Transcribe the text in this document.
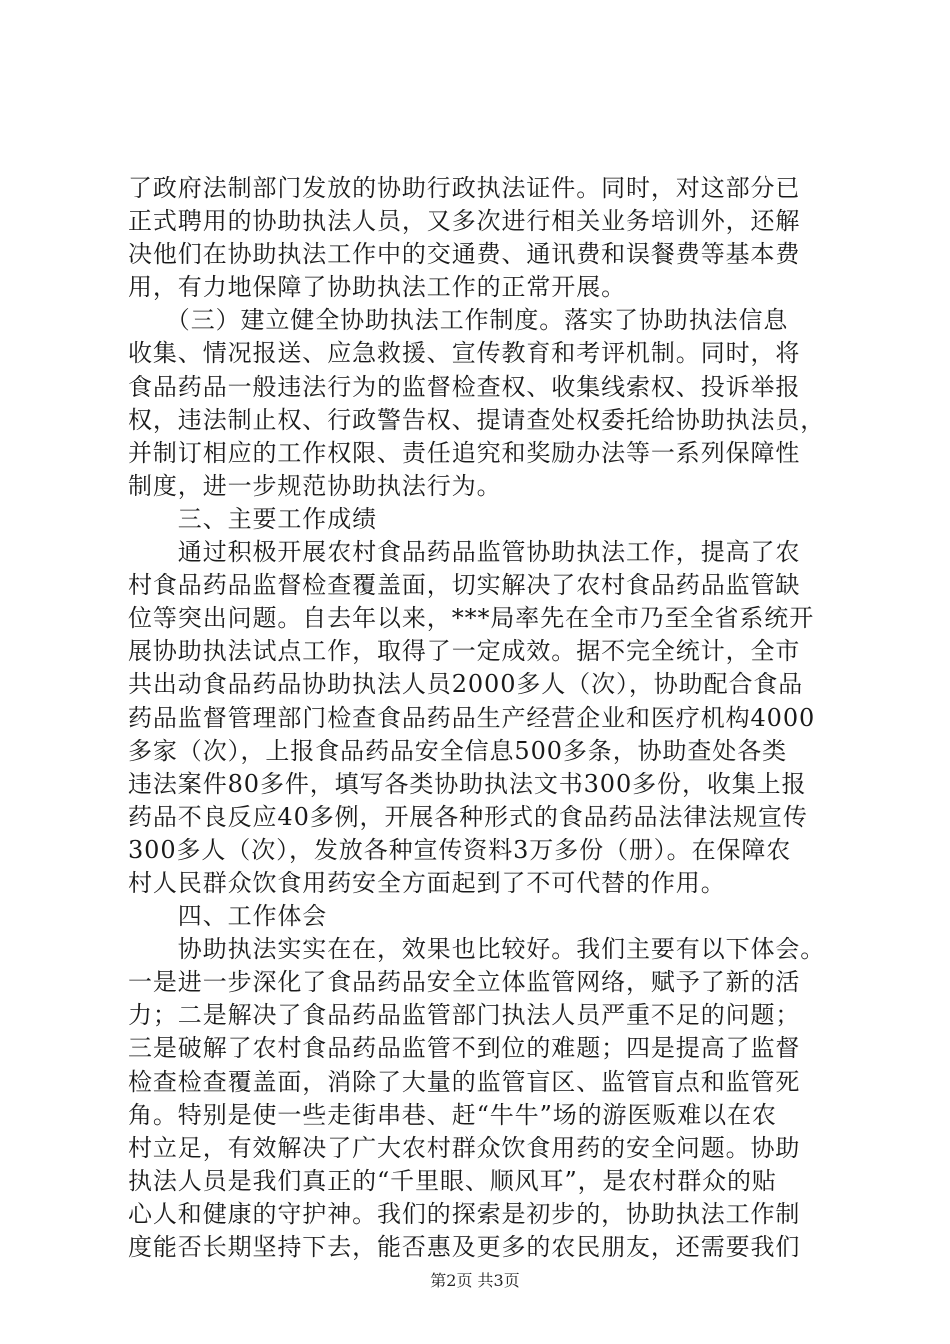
了政府法制部门发放的协助行政执法证件。同时，对这部分已
正式聘用的协助执法人员，又多次进行相关业务培训外，还解
决他们在协助执法工作中的交通费、通讯费和误餐费等基本费
用，有力地保障了协助执法工作的正常开展。
　　（三）建立健全协助执法工作制度。落实了协助执法信息
收集、情况报送、应急救援、宣传教育和考评机制。同时，将
食品药品一般违法行为的监督检查权、收集线索权、投诉举报
权，违法制止权、行政警告权、提请查处权委托给协助执法员，
并制订相应的工作权限、责任追究和奖励办法等一系列保障性
制度，进一步规范协助执法行为。
　　三、主要工作成绩
　　通过积极开展农村食品药品监管协助执法工作，提高了农
村食品药品监督检查覆盖面，切实解决了农村食品药品监管缺
位等突出问题。自去年以来，***局率先在全市乃至全省系统开
展协助执法试点工作，取得了一定成效。据不完全统计，全市
共出动食品药品协助执法人员2000多人（次），协助配合食品
药品监督管理部门检查食品药品生产经营企业和医疗机构4000
多家（次），上报食品药品安全信息500多条，协助查处各类
违法案件80多件，填写各类协助执法文书300多份，收集上报
药品不良反应40多例，开展各种形式的食品药品法律法规宣传
300多人（次），发放各种宣传资料3万多份（册）。在保障农
村人民群众饮食用药安全方面起到了不可代替的作用。
　　四、工作体会
　　协助执法实实在在，效果也比较好。我们主要有以下体会。
一是进一步深化了食品药品安全立体监管网络，赋予了新的活
力；二是解决了食品药品监管部门执法人员严重不足的问题；
三是破解了农村食品药品监管不到位的难题；四是提高了监督
检查检查覆盖面，消除了大量的监管盲区、监管盲点和监管死
角。特别是使一些走街串巷、赶“牛牛”场的游医贩难以在农
村立足，有效解决了广大农村群众饮食用药的安全问题。协助
执法人员是我们真正的“千里眼、顺风耳”，是农村群众的贴
心人和健康的守护神。我们的探索是初步的，协助执法工作制
度能否长期坚持下去，能否惠及更多的农民朋友，还需要我们
第2页 共3页
